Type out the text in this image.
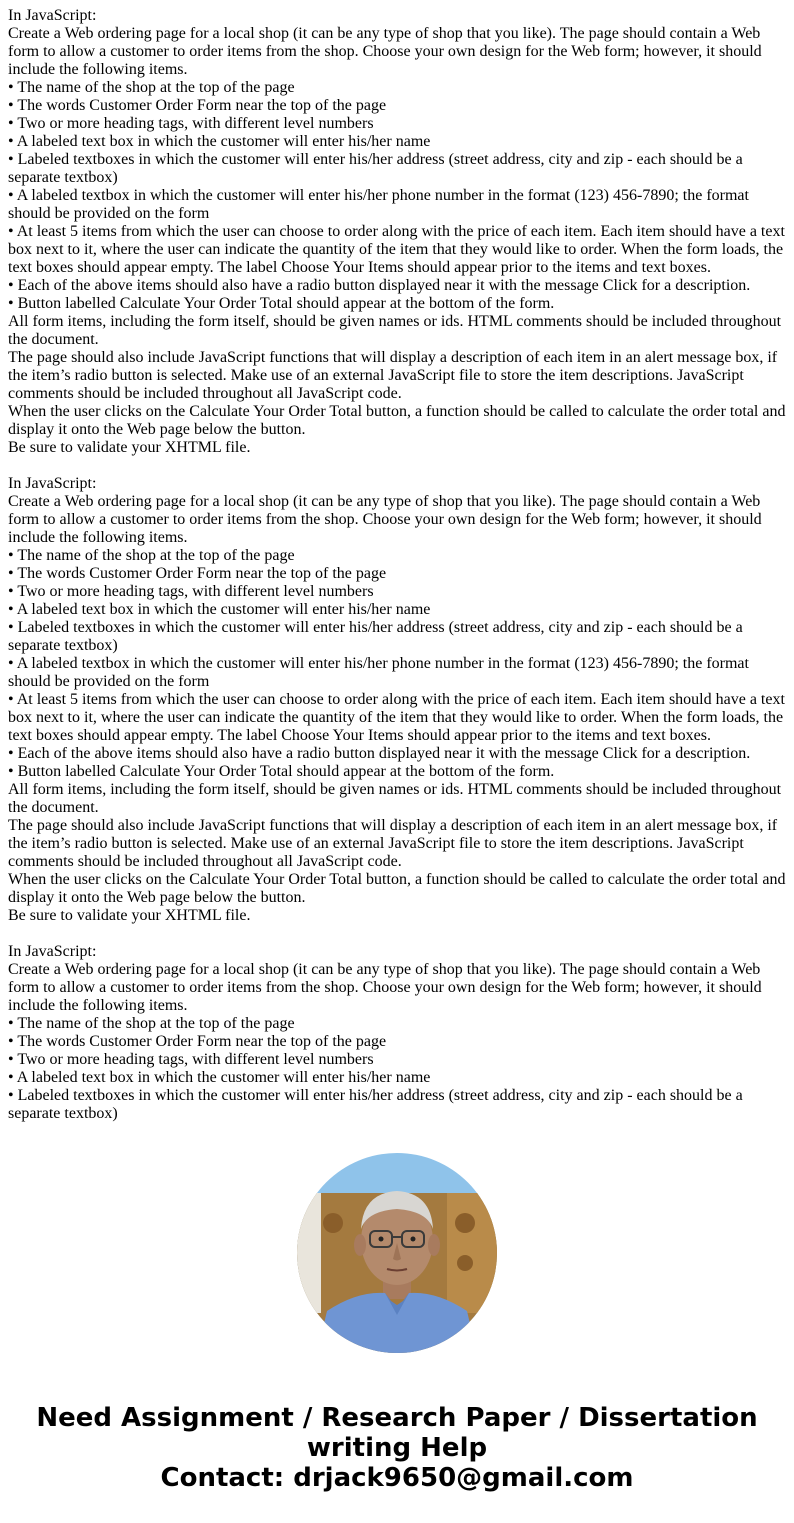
In JavaScript:

Create a Web ordering page for a local shop (it can be any type of shop that you like). The page should contain a Web form to allow a customer to order items from the shop. Choose your own design for the Web form; however, it should include the following items.

• The name of the shop at the top of the page

• The words Customer Order Form near the top of the page

• Two or more heading tags, with different level numbers

• A labeled text box in which the customer will enter his/her name

• Labeled textboxes in which the customer will enter his/her address (street address, city and zip - each should be a separate textbox)

• A labeled textbox in which the customer will enter his/her phone number in the format (123) 456-7890; the format should be provided on the form

• At least 5 items from which the user can choose to order along with the price of each item. Each item should have a text box next to it, where the user can indicate the quantity of the item that they would like to order. When the form loads, the text boxes should appear empty. The label Choose Your Items should appear prior to the items and text boxes.

• Each of the above items should also have a radio button displayed near it with the message Click for a description.

• Button labelled Calculate Your Order Total should appear at the bottom of the form.

All form items, including the form itself, should be given names or ids. HTML comments should be included throughout the document.

The page should also include JavaScript functions that will display a description of each item in an alert message box, if the item’s radio button is selected. Make use of an external JavaScript file to store the item descriptions. JavaScript comments should be included throughout all JavaScript code.

When the user clicks on the Calculate Your Order Total button, a function should be called to calculate the order total and display it onto the Web page below the button.

Be sure to validate your XHTML file.

In JavaScript:

Create a Web ordering page for a local shop (it can be any type of shop that you like). The page should contain a Web form to allow a customer to order items from the shop. Choose your own design for the Web form; however, it should include the following items.

• The name of the shop at the top of the page

• The words Customer Order Form near the top of the page

• Two or more heading tags, with different level numbers

• A labeled text box in which the customer will enter his/her name

• Labeled textboxes in which the customer will enter his/her address (street address, city and zip - each should be a separate textbox)

• A labeled textbox in which the customer will enter his/her phone number in the format (123) 456-7890; the format should be provided on the form

• At least 5 items from which the user can choose to order along with the price of each item. Each item should have a text box next to it, where the user can indicate the quantity of the item that they would like to order. When the form loads, the text boxes should appear empty. The label Choose Your Items should appear prior to the items and text boxes.

• Each of the above items should also have a radio button displayed near it with the message Click for a description.

• Button labelled Calculate Your Order Total should appear at the bottom of the form.

All form items, including the form itself, should be given names or ids. HTML comments should be included throughout the document.

The page should also include JavaScript functions that will display a description of each item in an alert message box, if the item’s radio button is selected. Make use of an external JavaScript file to store the item descriptions. JavaScript comments should be included throughout all JavaScript code.

When the user clicks on the Calculate Your Order Total button, a function should be called to calculate the order total and display it onto the Web page below the button.

Be sure to validate your XHTML file.

In JavaScript:

Create a Web ordering page for a local shop (it can be any type of shop that you like). The page should contain a Web form to allow a customer to order items from the shop. Choose your own design for the Web form; however, it should include the following items.

• The name of the shop at the top of the page

• The words Customer Order Form near the top of the page

• Two or more heading tags, with different level numbers

• A labeled text box in which the customer will enter his/her name

• Labeled textboxes in which the customer will enter his/her address (street address, city and zip - each should be a separate textbox)

Need Assignment / Research Paper / Dissertation writing Help

Contact: drjack9650@gmail.com
